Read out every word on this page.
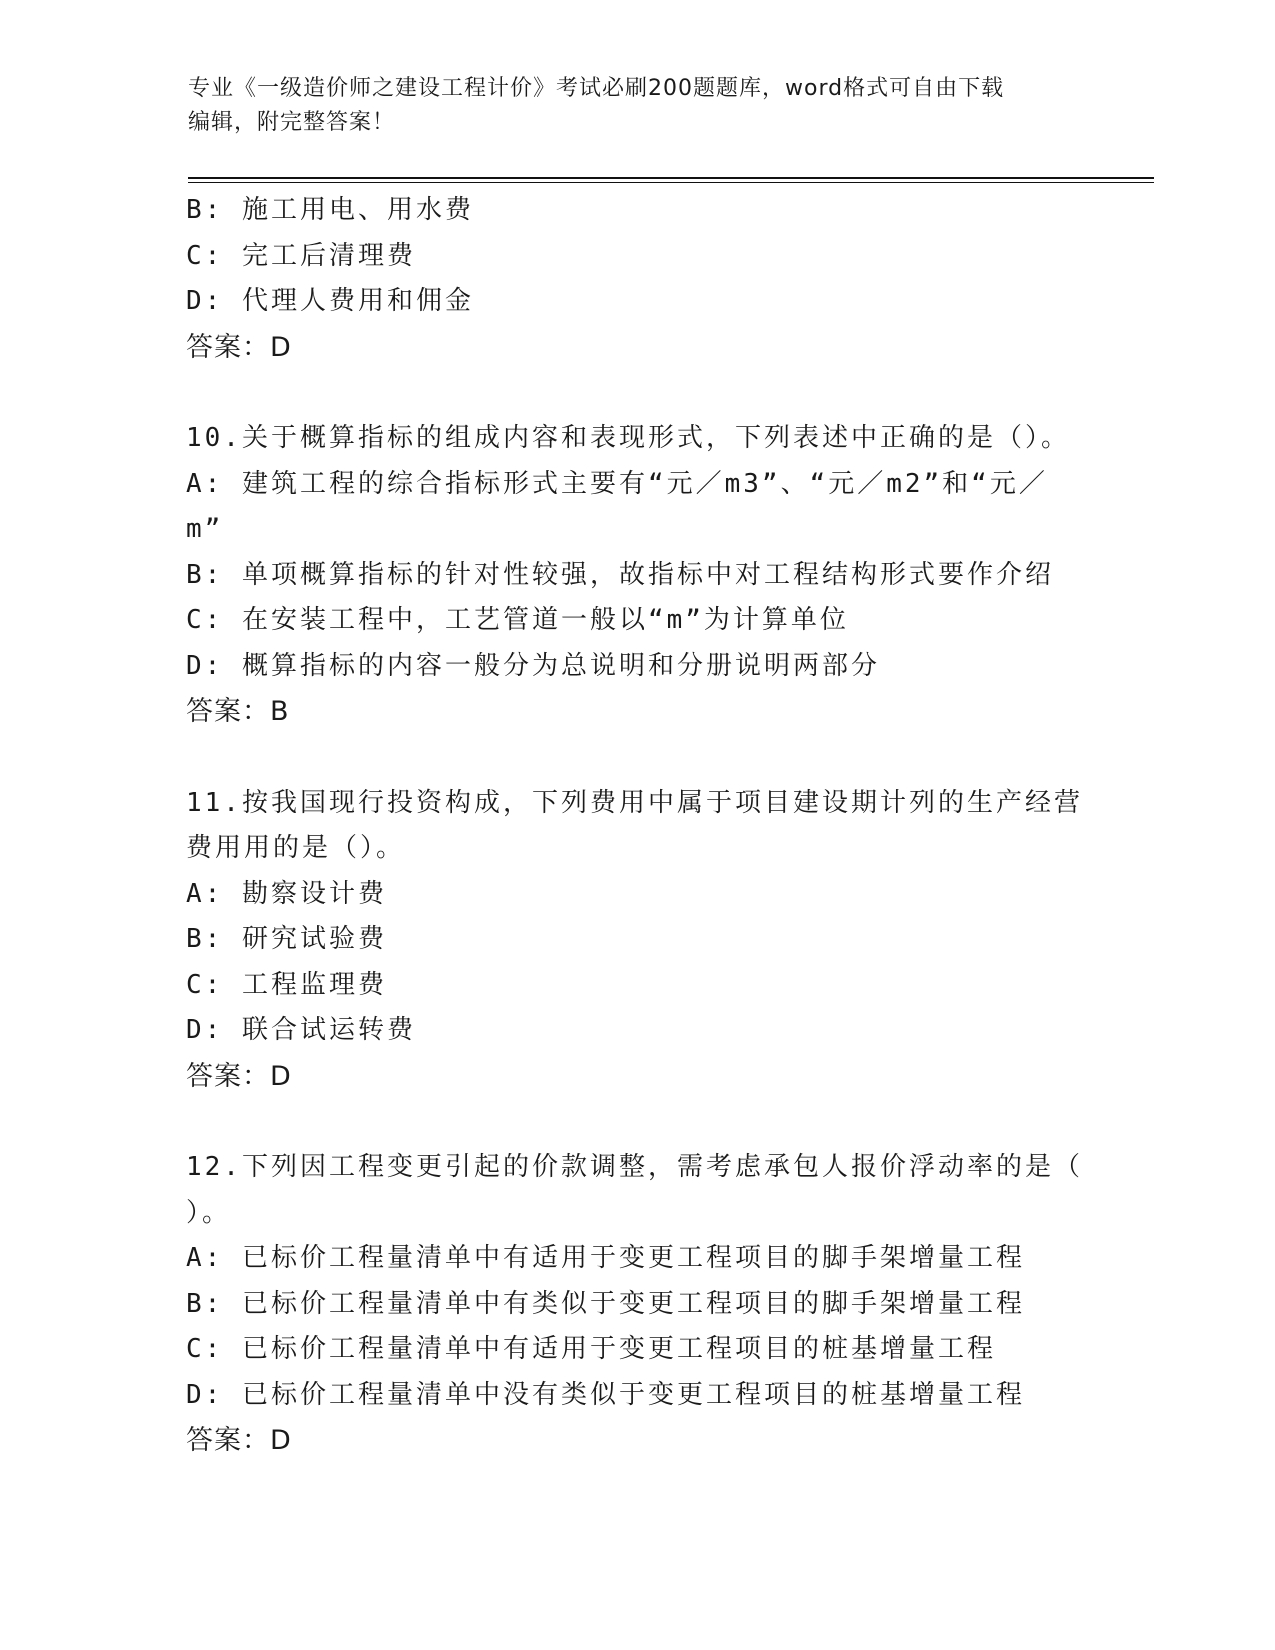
专业《一级造价师之建设工程计价》考试必刷200题题库，word格式可自由下载
编辑，附完整答案！
B: 施工用电、用水费
C: 完工后清理费
D: 代理人费用和佣金
答案：D
10.关于概算指标的组成内容和表现形式，下列表述中正确的是（）。
A: 建筑工程的综合指标形式主要有“元／m3”、“元／m2”和“元／
m”
B: 单项概算指标的针对性较强，故指标中对工程结构形式要作介绍
C: 在安装工程中，工艺管道一般以“m”为计算单位
D: 概算指标的内容一般分为总说明和分册说明两部分
答案：B
11.按我国现行投资构成，下列费用中属于项目建设期计列的生产经营
费用用的是（）。
A: 勘察设计费
B: 研究试验费
C: 工程监理费
D: 联合试运转费
答案：D
12.下列因工程变更引起的价款调整，需考虑承包人报价浮动率的是（
）。
A: 已标价工程量清单中有适用于变更工程项目的脚手架增量工程
B: 已标价工程量清单中有类似于变更工程项目的脚手架增量工程
C: 已标价工程量清单中有适用于变更工程项目的桩基增量工程
D: 已标价工程量清单中没有类似于变更工程项目的桩基增量工程
答案：D
